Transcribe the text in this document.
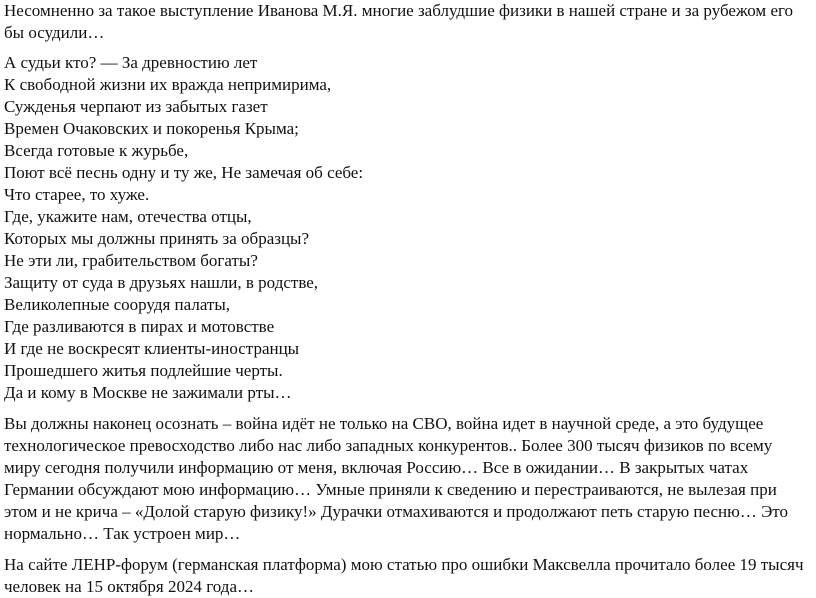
Несомненно за такое выступление Иванова М.Я. многие заблудшие физики в нашей стране и за рубежом его бы осудили…

А судьи кто? — За древностию лет
К свободной жизни их вражда непримирима,
Сужденья черпают из забытых газет
Времен Очаковских и покоренья Крыма;
Всегда готовые к журьбе,
Поют всё песнь одну и ту же, Не замечая об себе:
Что старее, то хуже.
Где, укажите нам, отечества отцы,
Которых мы должны принять за образцы?
Не эти ли, грабительством богаты?
Защиту от суда в друзьях нашли, в родстве,
Великолепные соорудя палаты,
Где разливаются в пирах и мотовстве
И где не воскресят клиенты-иностранцы
Прошедшего житья подлейшие черты.
Да и кому в Москве не зажимали рты…

Вы должны наконец осознать – война идёт не только на СВО, война идет в научной среде, а это будущее технологическое превосходство либо нас либо западных конкурентов.. Более 300 тысяч физиков по всему миру сегодня получили информацию от меня, включая Россию… Все в ожидании… В закрытых чатах Германии обсуждают мою информацию… Умные приняли к сведению и перестраиваются, не вылезая при этом и не крича – «Долой старую физику!» Дурачки отмахиваются и продолжают петь старую песню… Это нормально… Так устроен мир…

На сайте ЛЕНР-форум (германская платформа) мою статью про ошибки Максвелла прочитало более 19 тысяч человек на 15 октября 2024 года…
